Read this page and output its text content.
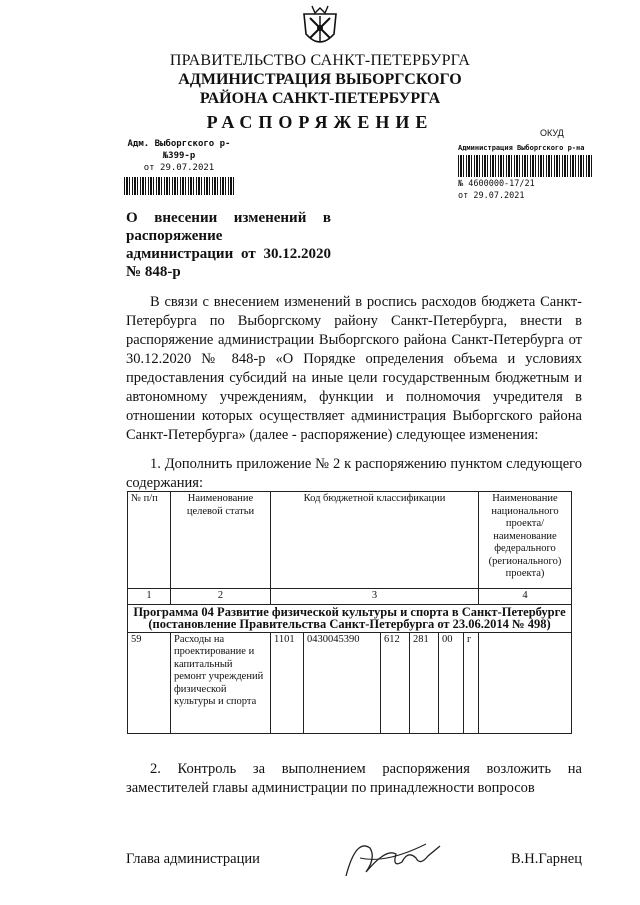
ПРАВИТЕЛЬСТВО САНКТ-ПЕТЕРБУРГА
АДМИНИСТРАЦИЯ ВЫБОРГСКОГО
РАЙОНА САНКТ-ПЕТЕРБУРГА
РАСПОРЯЖЕНИЕ
Адм. Выборгского р-
№399-р
от 29.07.2021
ОКУД
Администрация Выборгского р-на
№ 4600000-17/21
от 29.07.2021
О внесении изменений в распоряжение администрации от 30.12.2020 № 848-р
В связи с внесением изменений в роспись расходов бюджета Санкт-Петербурга по Выборгскому району Санкт-Петербурга, внести в распоряжение администрации Выборгского района Санкт-Петербурга от 30.12.2020 № 848-р «О Порядке определения объема и условиях предоставления субсидий на иные цели государственным бюджетным и автономному учреждениям, функции и полномочия учредителя в отношении которых осуществляет администрация Выборгского района Санкт-Петербурга» (далее - распоряжение) следующее изменения:
1. Дополнить приложение № 2 к распоряжению пунктом следующего содержания:
№ п/п	Наименование целевой статьи	Код бюджетной классификации						Наименование национального проекта/наименование федерального (регионального) проекта)
1	2	3						4
Программа 04 Развитие физической культуры и спорта в Санкт-Петербурге (постановление Правительства Санкт-Петербурга от 23.06.2014 № 498)								
59	Расходы на проектирование и капитальный ремонт учреждений физической культуры и спорта	1101	0430045390	612	281	00	г	
2. Контроль за выполнением распоряжения возложить на заместителей главы администрации по принадлежности вопросов
Глава администрации	В.Н.Гарнец
